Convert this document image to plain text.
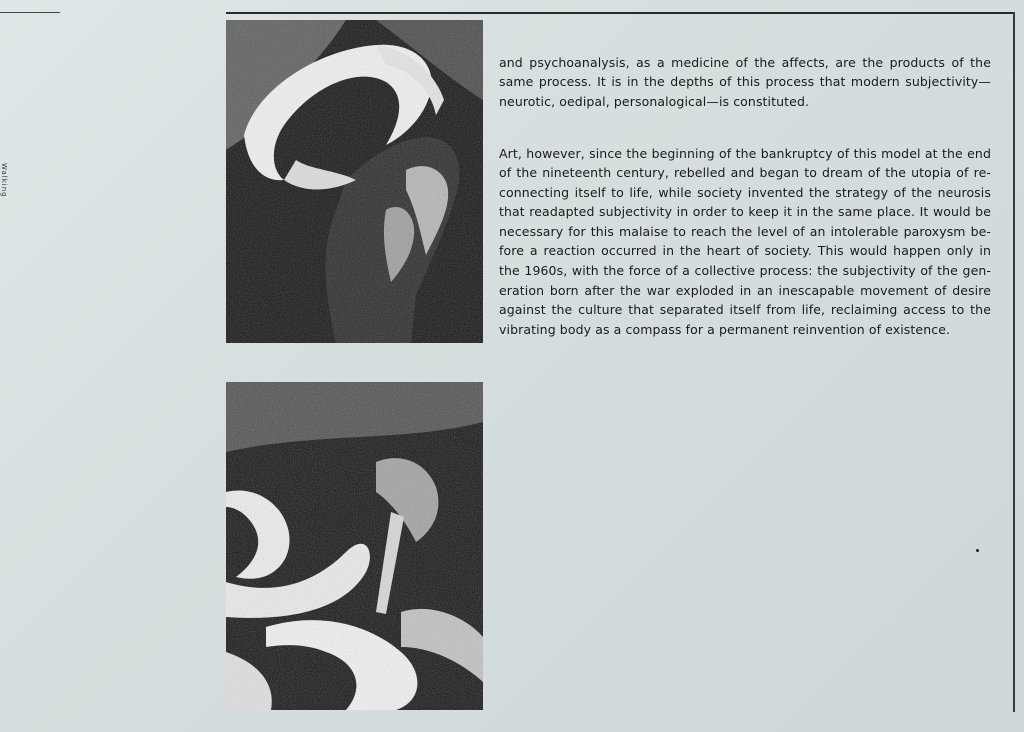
Walking

and psychoanalysis, as a medicine of the affects, are the products of the same process. It is in the depths of this process that modern subjectivity—neurotic, oedipal, personalogical—is constituted.

Art, however, since the beginning of the bankruptcy of this model at the end of the nineteenth century, rebelled and began to dream of the utopia of re-connecting itself to life, while society invented the strategy of the neurosis that readapted subjectivity in order to keep it in the same place. It would be necessary for this malaise to reach the level of an intolerable paroxysm be-fore a reaction occurred in the heart of society. This would happen only in the 1960s, with the force of a collective process: the subjectivity of the gen-eration born after the war exploded in an inescapable movement of desire against the culture that separated itself from life, reclaiming access to the vibrating body as a compass for a permanent reinvention of existence.
